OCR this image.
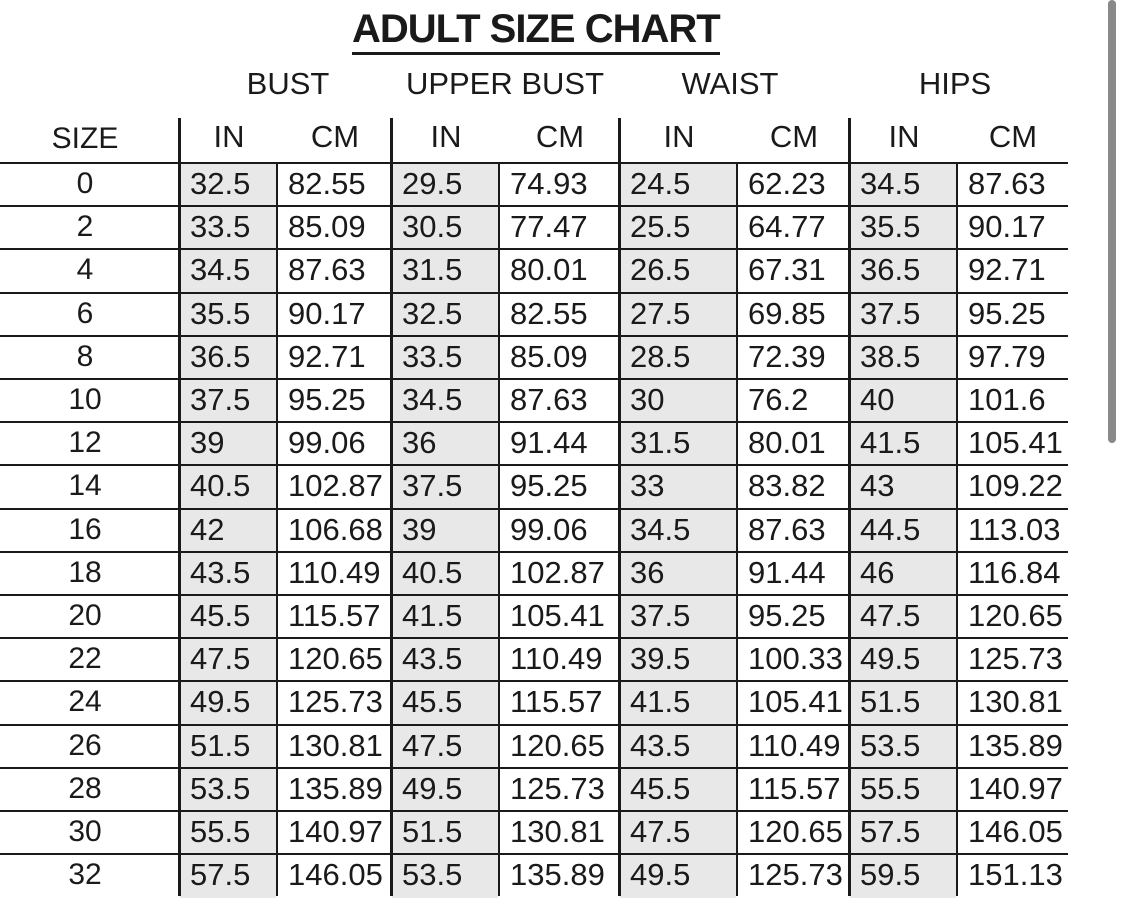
ADULT SIZE CHART
BUST UPPER BUST	WAIST	HIPS
SIZE	IN	CM	IN	CM	IN	CM	IN	CM
0	32.5 82.55 29.5 74.93 24.5 62.23 34.5 87.63
2	33.5 85.09 30.5 77.47 25.5 64.77 35.5 90.17
4	34.5 87.63 31.5 80.01 26.5 67.31 36.5 92.71
6	35.5 90.17 32.5 82.55 27.5 69.85 37.5 95.25
8	36.5 92.71 33.5 85.09 28.5 72.39 38.5 97.79
10	37.5 95.25 34.5 87.63 30	76.2 40 101.6
12	39 99.06 36 91.44 31.5 80.01 41.5 105.41
14	40.5 102.87 37.5 95.25 33	83.82 43 109.22
16	42 106.68 39 99.06 34.5 87.63 44.5 113.03
18	43.5 110.49 40.5 102.87 36	91.44 46 116.84
20	45.5 115.57 41.5 105.41 37.5 95.25 47.5 120.65
22	47.5 120.65 43.5 110.49 39.5 100.33 49.5 125.73
24	49.5 125.73 45.5 115.57 41.5 105.41 51.5 130.81
26	51.5 130.81 47.5 120.65 43.5 110.49 53.5 135.89
28	53.5 135.89 49.5 125.73 45.5 115.57 55.5 140.97
30	55.5 140.97 51.5 130.81 47.5 120.65 57.5 146.05
32	57.5 146.05 53.5 135.89 49.5 125.73 59.5 151.13
